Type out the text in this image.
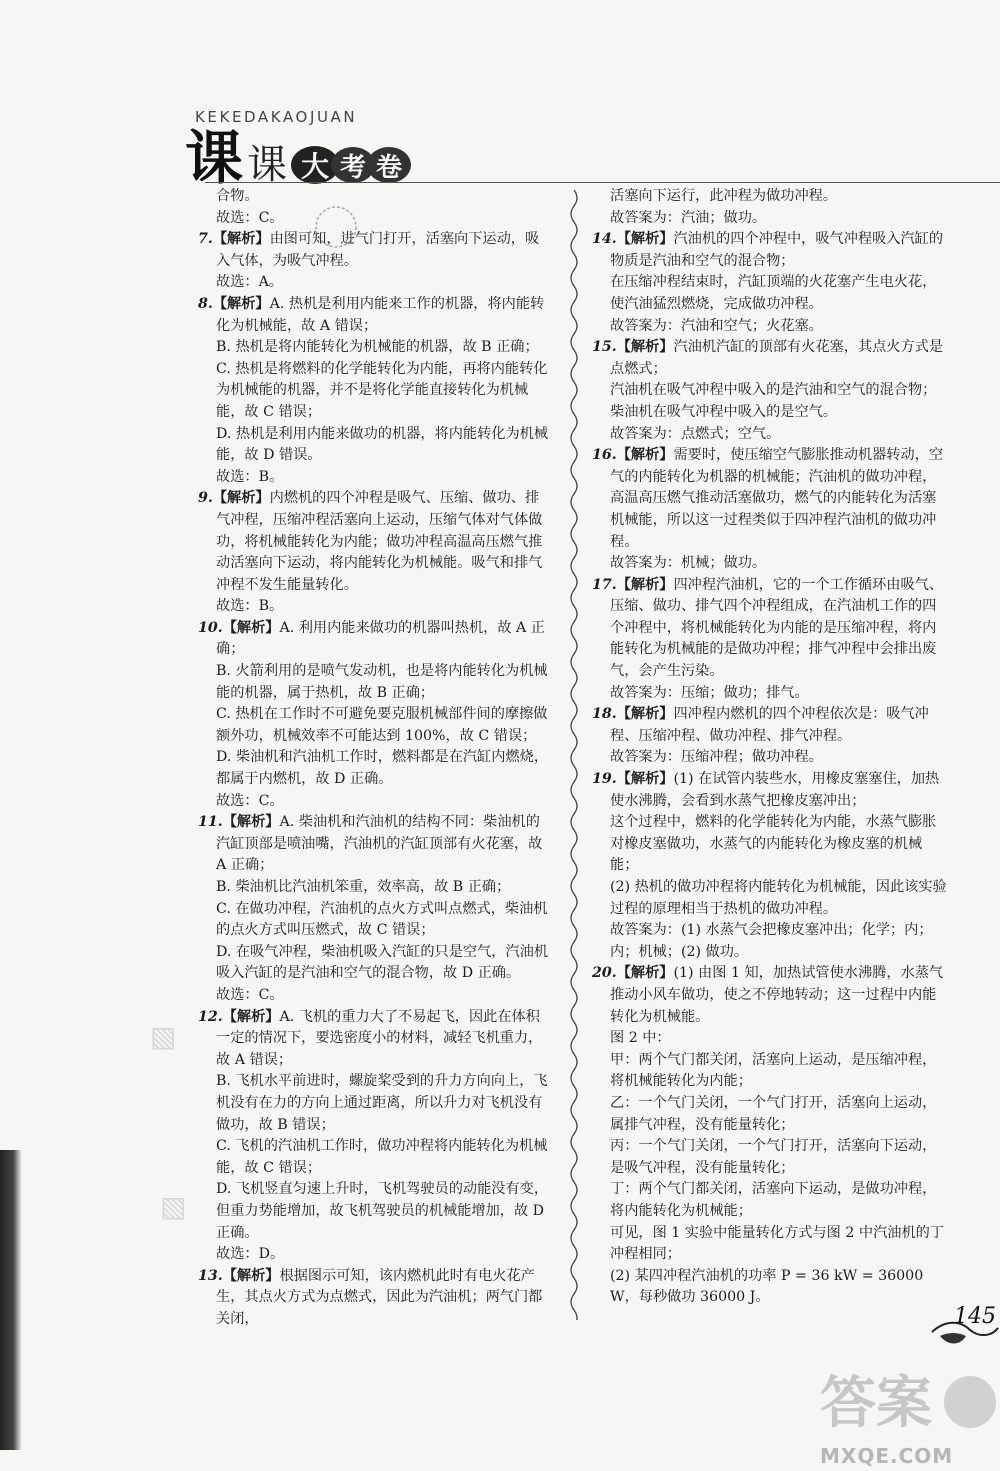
KEKEDAKAOJUAN
课 课 大 考 卷

合物。

故选：C。

7.【解析】由图可知，进气门打开，活塞向下运动，吸入气体，为吸气冲程。

故选：A。

8.【解析】A. 热机是利用内能来工作的机器，将内能转化为机械能，故 A 错误；

B. 热机是将内能转化为机械能的机器，故 B 正确；

C. 热机是将燃料的化学能转化为内能，再将内能转化为机械能的机器，并不是将化学能直接转化为机械能，故 C 错误；

D. 热机是利用内能来做功的机器，将内能转化为机械能，故 D 错误。

故选：B。

9.【解析】内燃机的四个冲程是吸气、压缩、做功、排气冲程，压缩冲程活塞向上运动，压缩气体对气体做功，将机械能转化为内能；做功冲程高温高压燃气推动活塞向下运动，将内能转化为机械能。吸气和排气冲程不发生能量转化。

故选：B。

10.【解析】A. 利用内能来做功的机器叫热机，故 A 正确；

B. 火箭利用的是喷气发动机，也是将内能转化为机械能的机器，属于热机，故 B 正确；

C. 热机在工作时不可避免要克服机械部件间的摩擦做额外功，机械效率不可能达到 100%，故 C 错误；

D. 柴油机和汽油机工作时，燃料都是在汽缸内燃烧，都属于内燃机，故 D 正确。

故选：C。

11.【解析】A. 柴油机和汽油机的结构不同：柴油机的汽缸顶部是喷油嘴，汽油机的汽缸顶部有火花塞，故 A 正确；

B. 柴油机比汽油机笨重，效率高，故 B 正确；

C. 在做功冲程，汽油机的点火方式叫点燃式，柴油机的点火方式叫压燃式，故 C 错误；

D. 在吸气冲程，柴油机吸入汽缸的只是空气，汽油机吸入汽缸的是汽油和空气的混合物，故 D 正确。

故选：C。

12.【解析】A. 飞机的重力大了不易起飞，因此在体积一定的情况下，要选密度小的材料，减轻飞机重力，故 A 错误；

B. 飞机水平前进时，螺旋桨受到的升力方向向上，飞机没有在力的方向上通过距离，所以升力对飞机没有做功，故 B 错误；

C. 飞机的汽油机工作时，做功冲程将内能转化为机械能，故 C 错误；

D. 飞机竖直匀速上升时，飞机驾驶员的动能没有变，但重力势能增加，故飞机驾驶员的机械能增加，故 D 正确。

故选：D。

13.【解析】根据图示可知，该内燃机此时有电火花产生，其点火方式为点燃式，因此为汽油机；两气门都关闭，

活塞向下运行，此冲程为做功冲程。

故答案为：汽油；做功。

14.【解析】汽油机的四个冲程中，吸气冲程吸入汽缸的物质是汽油和空气的混合物；

在压缩冲程结束时，汽缸顶端的火花塞产生电火花，使汽油猛烈燃烧，完成做功冲程。

故答案为：汽油和空气；火花塞。

15.【解析】汽油机汽缸的顶部有火花塞，其点火方式是点燃式；

汽油机在吸气冲程中吸入的是汽油和空气的混合物；

柴油机在吸气冲程中吸入的是空气。

故答案为：点燃式；空气。

16.【解析】需要时，使压缩空气膨胀推动机器转动，空气的内能转化为机器的机械能；汽油机的做功冲程，高温高压燃气推动活塞做功，燃气的内能转化为活塞机械能，所以这一过程类似于四冲程汽油机的做功冲程。

故答案为：机械；做功。

17.【解析】四冲程汽油机，它的一个工作循环由吸气、压缩、做功、排气四个冲程组成，在汽油机工作的四个冲程中，将机械能转化为内能的是压缩冲程，将内能转化为机械能的是做功冲程；排气冲程中会排出废气，会产生污染。

故答案为：压缩；做功；排气。

18.【解析】四冲程内燃机的四个冲程依次是：吸气冲程、压缩冲程、做功冲程、排气冲程。

故答案为：压缩冲程；做功冲程。

19.【解析】(1) 在试管内装些水，用橡皮塞塞住，加热使水沸腾，会看到水蒸气把橡皮塞冲出；

这个过程中，燃料的化学能转化为内能，水蒸气膨胀对橡皮塞做功，水蒸气的内能转化为橡皮塞的机械能；

(2) 热机的做功冲程将内能转化为机械能，因此该实验过程的原理相当于热机的做功冲程。

故答案为：(1) 水蒸气会把橡皮塞冲出；化学；内；内；机械；(2) 做功。

20.【解析】(1) 由图 1 知，加热试管使水沸腾，水蒸气推动小风车做功，使之不停地转动；这一过程中内能转化为机械能。

图 2 中：

甲：两个气门都关闭，活塞向上运动，是压缩冲程，将机械能转化为内能；

乙：一个气门关闭，一个气门打开，活塞向上运动，属排气冲程，没有能量转化；

丙：一个气门关闭，一个气门打开，活塞向下运动，是吸气冲程，没有能量转化；

丁：两个气门都关闭，活塞向下运动，是做功冲程，将内能转化为机械能；

可见，图 1 实验中能量转化方式与图 2 中汽油机的丁冲程相同；

(2) 某四冲程汽油机的功率 P = 36 kW = 36000 W，每秒做功 36000 J。

▧
▧
145
答案
MXQE.COM
